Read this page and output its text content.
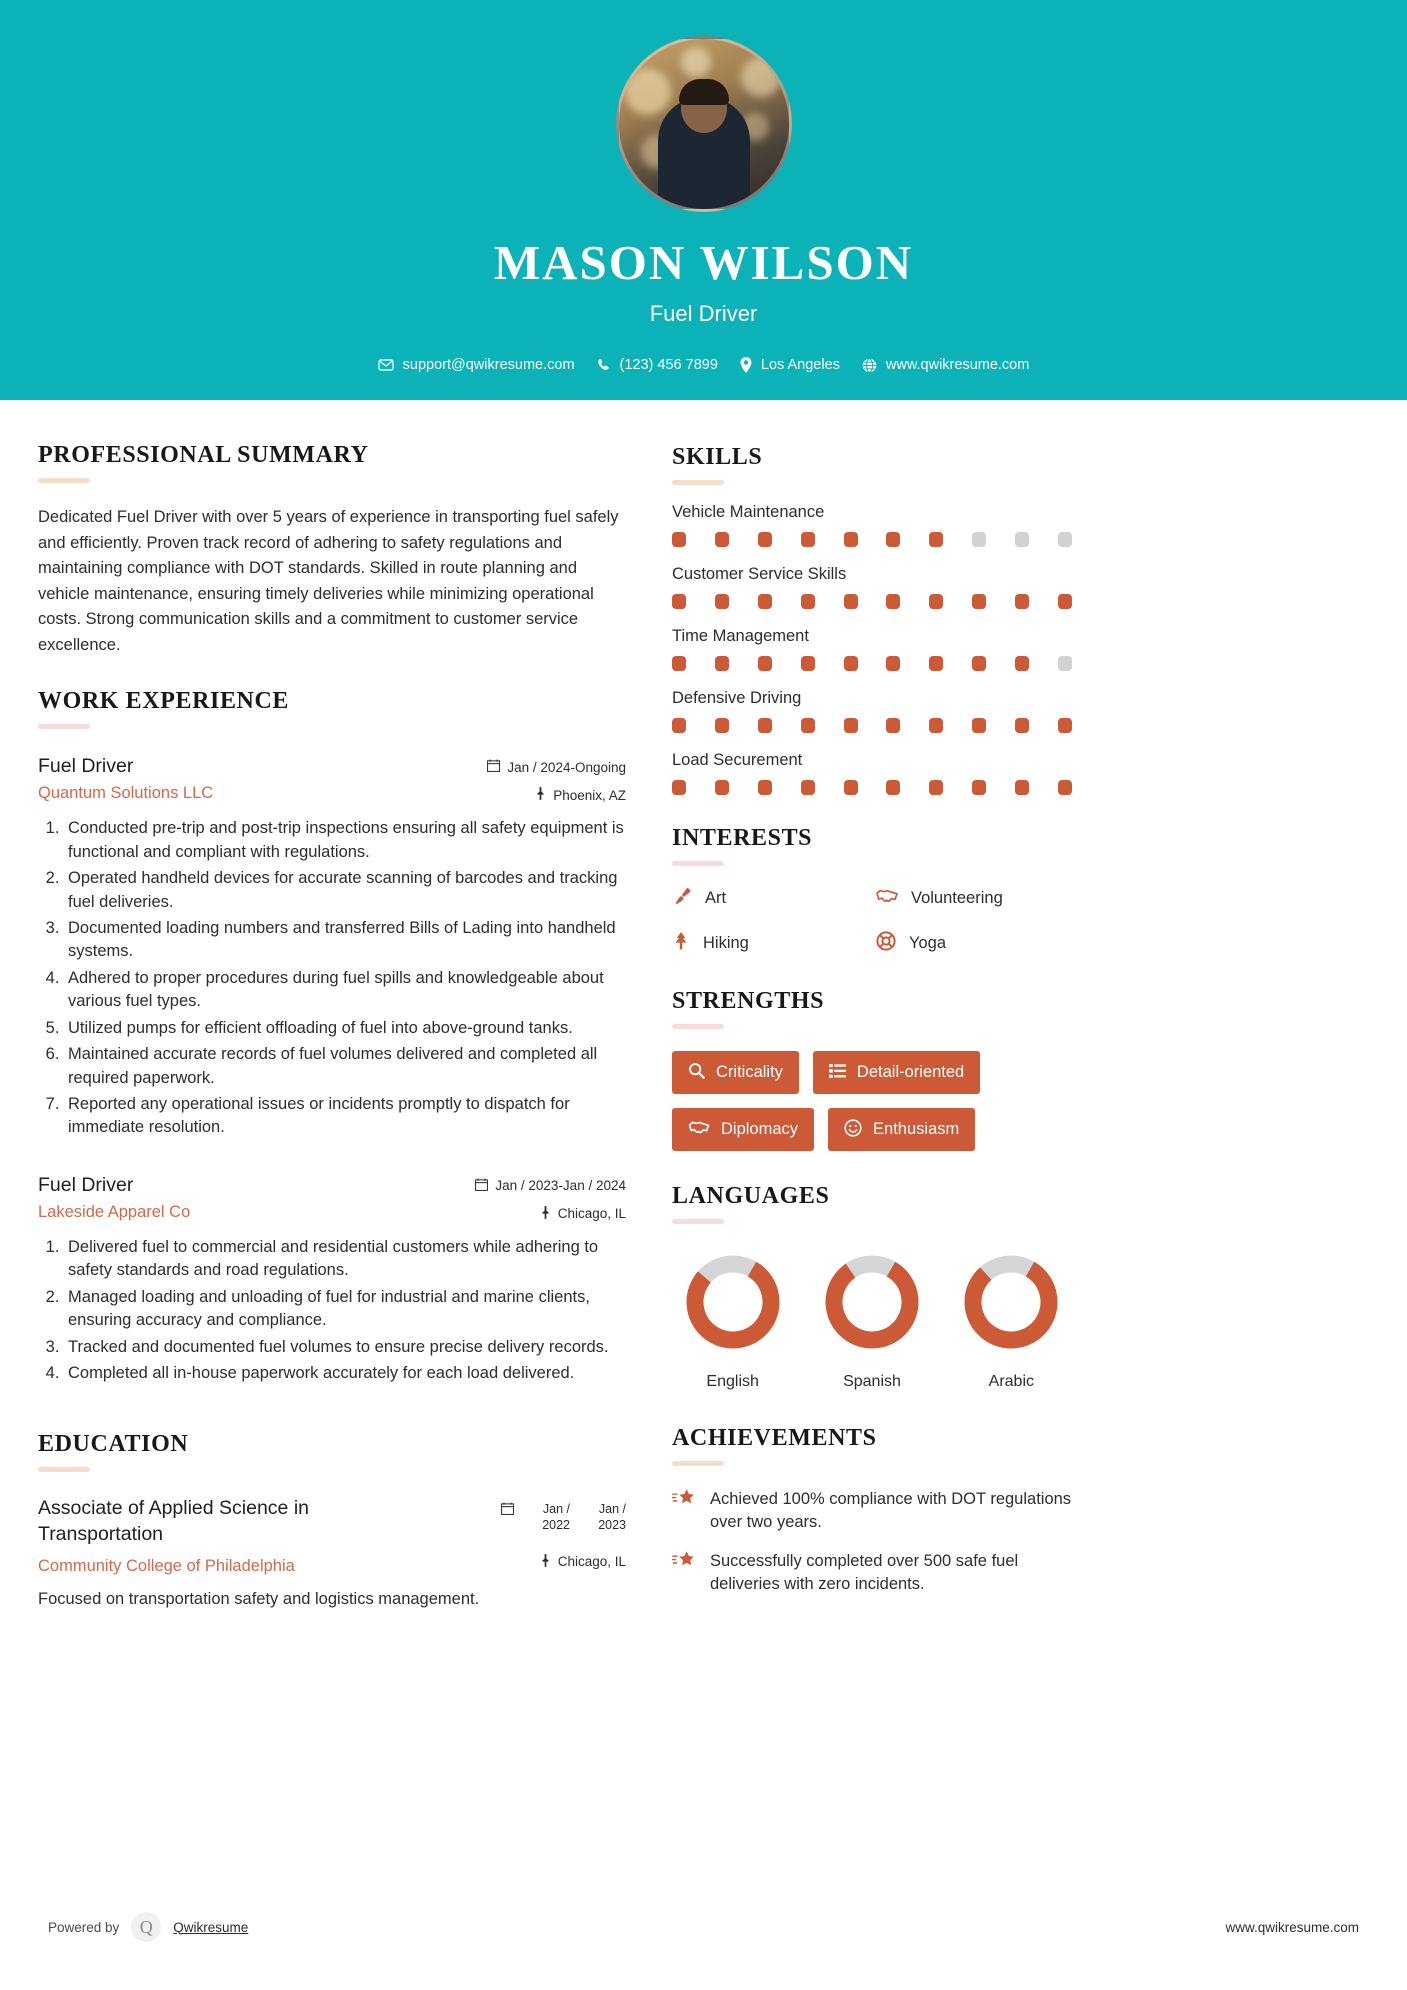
MASON WILSON
Fuel Driver
support@qwikresume.com	(123) 456 7899	Los Angeles	www.qwikresume.com
PROFESSIONAL SUMMARY
Dedicated Fuel Driver with over 5 years of experience in transporting fuel safely and efficiently. Proven track record of adhering to safety regulations and maintaining compliance with DOT standards. Skilled in route planning and vehicle maintenance, ensuring timely deliveries while minimizing operational costs. Strong communication skills and a commitment to customer service excellence.
WORK EXPERIENCE
Fuel Driver
Quantum Solutions LLC
Jan / 2024-Ongoing
Phoenix, AZ
1. Conducted pre-trip and post-trip inspections ensuring all safety equipment is functional and compliant with regulations.
2. Operated handheld devices for accurate scanning of barcodes and tracking fuel deliveries.
3. Documented loading numbers and transferred Bills of Lading into handheld systems.
4. Adhered to proper procedures during fuel spills and knowledgeable about various fuel types.
5. Utilized pumps for efficient offloading of fuel into above-ground tanks.
6. Maintained accurate records of fuel volumes delivered and completed all required paperwork.
7. Reported any operational issues or incidents promptly to dispatch for immediate resolution.
Fuel Driver
Lakeside Apparel Co
Jan / 2023-Jan / 2024
Chicago, IL
1. Delivered fuel to commercial and residential customers while adhering to safety standards and road regulations.
2. Managed loading and unloading of fuel for industrial and marine clients, ensuring accuracy and compliance.
3. Tracked and documented fuel volumes to ensure precise delivery records.
4. Completed all in-house paperwork accurately for each load delivered.
EDUCATION
Associate of Applied Science in Transportation
Community College of Philadelphia
Jan / 2022
Jan / 2023
Chicago, IL
Focused on transportation safety and logistics management.
SKILLS
Vehicle Maintenance
Customer Service Skills
Time Management
Defensive Driving
Load Securement
INTERESTS
Art	Volunteering
Hiking	Yoga
STRENGTHS
Criticality	Detail-oriented
Diplomacy	Enthusiasm
LANGUAGES
English	Spanish	Arabic
ACHIEVEMENTS
Achieved 100% compliance with DOT regulations over two years.
Successfully completed over 500 safe fuel deliveries with zero incidents.
Powered by	Q	Qwikresume	www.qwikresume.com
